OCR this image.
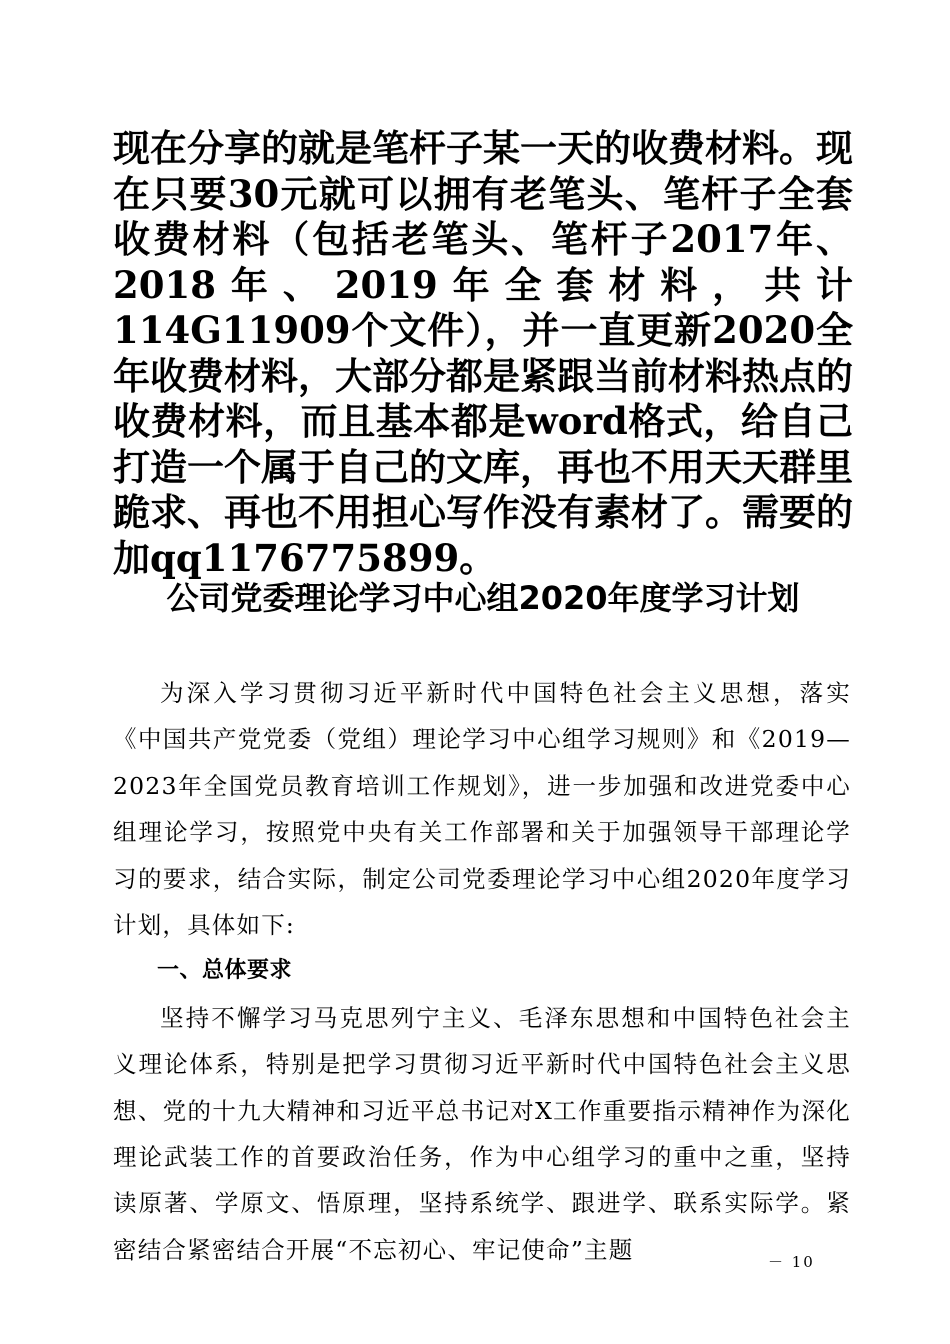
现在分享的就是笔杆子某一天的收费材料。现在只要30元就可以拥有老笔头、笔杆子全套收费材料（包括老笔头、笔杆子2017年、2018年、2019年全套材料，共计114G11909个文件），并一直更新2020全年收费材料，大部分都是紧跟当前材料热点的收费材料，而且基本都是word格式，给自己打造一个属于自己的文库，再也不用天天群里跪求、再也不用担心写作没有素材了。需要的加qq1176775899。
公司党委理论学习中心组2020年度学习计划

为深入学习贯彻习近平新时代中国特色社会主义思想，落实《中国共产党党委（党组）理论学习中心组学习规则》和《2019—2023年全国党员教育培训工作规划》，进一步加强和改进党委中心组理论学习，按照党中央有关工作部署和关于加强领导干部理论学习的要求，结合实际，制定公司党委理论学习中心组2020年度学习计划，具体如下:

一、总体要求

坚持不懈学习马克思列宁主义、毛泽东思想和中国特色社会主义理论体系，特别是把学习贯彻习近平新时代中国特色社会主义思想、党的十九大精神和习近平总书记对X工作重要指示精神作为深化理论武装工作的首要政治任务，作为中心组学习的重中之重，坚持读原著、学原文、悟原理，坚持系统学、跟进学、联系实际学。紧密结合紧密结合开展“不忘初心、牢记使命”主题	－ 10
